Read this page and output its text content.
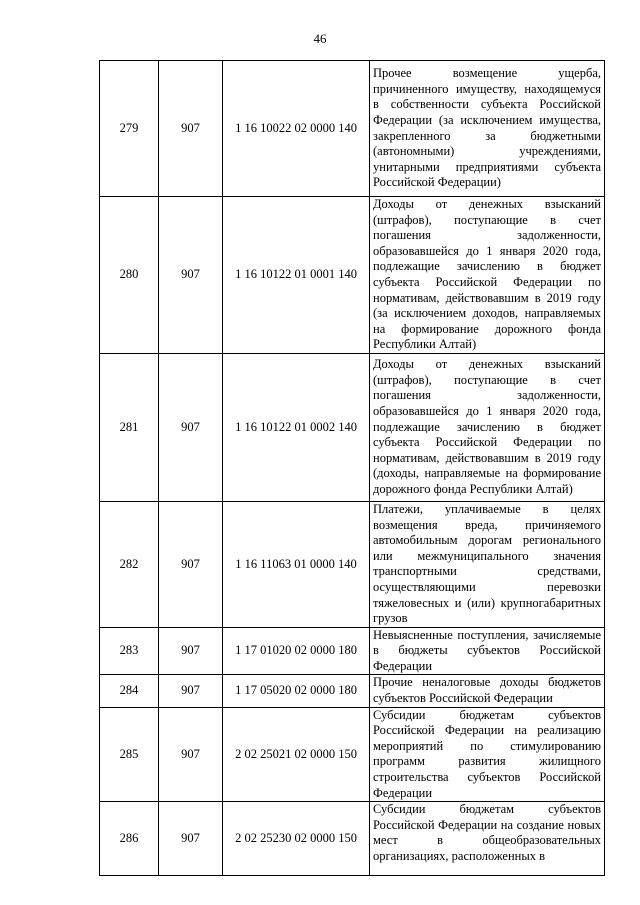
46
279	907	1 16 10022 02 0000 140	Прочее возмещение ущерба, причиненного имуществу, находящемуся в собственности субъекта Российской Федерации (за исключением имущества, закрепленного за бюджетными (автономными) учреждениями, унитарными предприятиями субъекта Российской Федерации)
280	907	1 16 10122 01 0001 140	Доходы от денежных взысканий (штрафов), поступающие в счет погашения задолженности, образовавшейся до 1 января 2020 года, подлежащие зачислению в бюджет субъекта Российской Федерации по нормативам, действовавшим в 2019 году (за исключением доходов, направляемых на формирование дорожного фонда Республики Алтай)
281	907	1 16 10122 01 0002 140	Доходы от денежных взысканий (штрафов), поступающие в счет погашения задолженности, образовавшейся до 1 января 2020 года, подлежащие зачислению в бюджет субъекта Российской Федерации по нормативам, действовавшим в 2019 году (доходы, направляемые на формирование дорожного фонда Республики Алтай)
282	907	1 16 11063 01 0000 140	Платежи, уплачиваемые в целях возмещения вреда, причиняемого автомобильным дорогам регионального или межмуниципального значения транспортными средствами, осуществляющими перевозки тяжеловесных и (или) крупногабаритных грузов
283	907	1 17 01020 02 0000 180	Невыясненные поступления, зачисляемые в бюджеты субъектов Российской Федерации
284	907	1 17 05020 02 0000 180	Прочие неналоговые доходы бюджетов субъектов Российской Федерации
285	907	2 02 25021 02 0000 150	Субсидии бюджетам субъектов Российской Федерации на реализацию мероприятий по стимулированию программ развития жилищного строительства субъектов Российской Федерации
286	907	2 02 25230 02 0000 150	Субсидии бюджетам субъектов Российской Федерации на создание новых мест в общеобразовательных организациях, расположенных в
